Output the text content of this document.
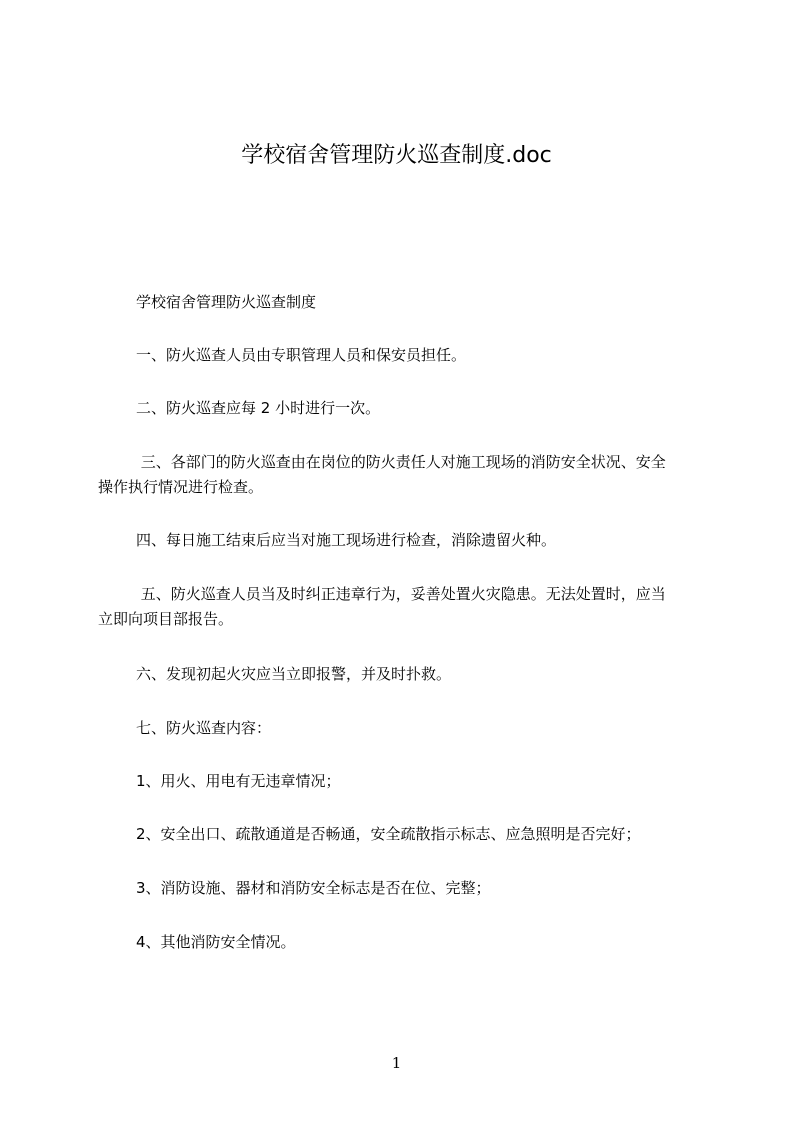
学校宿舍管理防火巡查制度.doc

学校宿舍管理防火巡查制度

一、防火巡查人员由专职管理人员和保安员担任。

二、防火巡查应每 2 小时进行一次。

三、各部门的防火巡查由在岗位的防火责任人对施工现场的消防安全状况、安全

操作执行情况进行检查。

四、每日施工结束后应当对施工现场进行检查，消除遗留火种。

五、防火巡查人员当及时纠正违章行为，妥善处置火灾隐患。无法处置时，应当

立即向项目部报告。

六、发现初起火灾应当立即报警，并及时扑救。

七、防火巡查内容：

1、用火、用电有无违章情况；

2、安全出口、疏散通道是否畅通，安全疏散指示标志、应急照明是否完好；

3、消防设施、器材和消防安全标志是否在位、完整；

4、其他消防安全情况。

1
